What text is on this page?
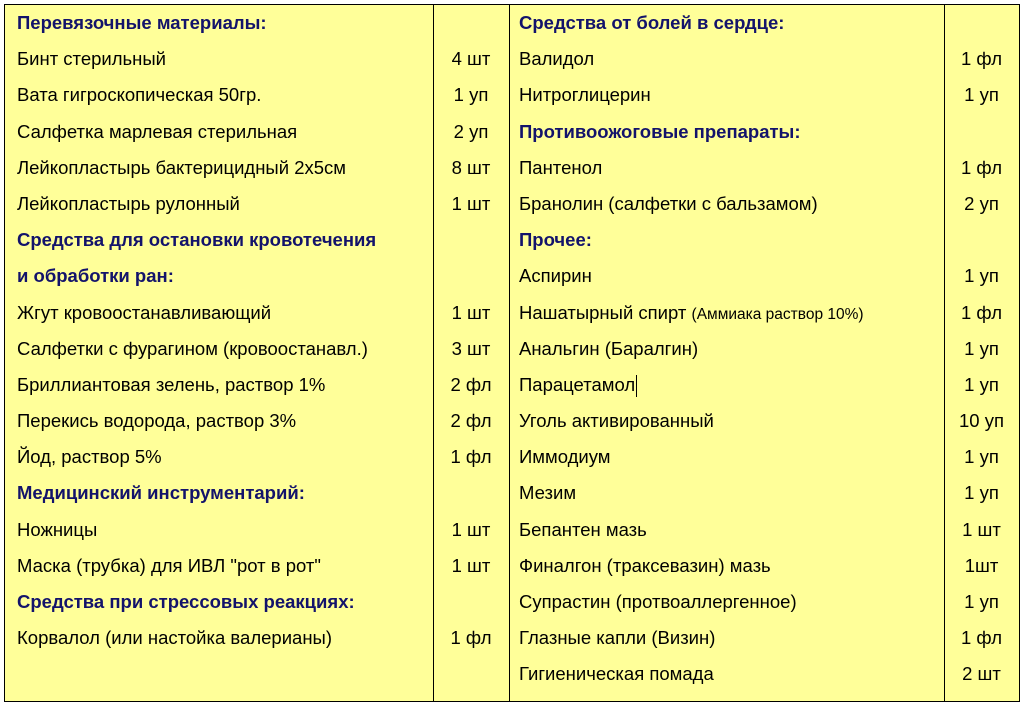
Перевязочные материалы:
Бинт стерильный
Вата гигроскопическая 50гр.
Салфетка марлевая стерильная
Лейкопластырь бактерицидный 2х5см
Лейкопластырь рулонный
Средства для остановки кровотечения
и обработки ран:
Жгут кровоостанавливающий
Салфетки с фурагином (кровоостанавл.)
Бриллиантовая зелень, раствор 1%
Перекись водорода, раствор 3%
Йод, раствор 5%
Медицинский инструментарий:
Ножницы
Маска (трубка) для ИВЛ "рот в рот"
Средства при стрессовых реакциях:
Корвалол (или настойка валерианы)
4 шт
1 уп
2 уп
8 шт
1 шт
1 шт
3 шт
2 фл
2 фл
1 фл
1 шт
1 шт
1 фл
Средства от болей в сердце:
Валидол
Нитроглицерин
Противоожоговые препараты:
Пантенол
Бранолин (салфетки с бальзамом)
Прочее:
Аспирин
Нашатырный спирт (Аммиака раствор 10%)
Анальгин (Баралгин)
Парацетамол
Уголь активированный
Иммодиум
Мезим
Бепантен мазь
Финалгон (траксевазин) мазь
Супрастин (протвоаллергенное)
Глазные капли (Визин)
Гигиеническая помада
1 фл
1 уп
1 фл
2 уп
1 уп
1 фл
1 уп
1 уп
10 уп
1 уп
1 уп
1 шт
1шт
1 уп
1 фл
2 шт
